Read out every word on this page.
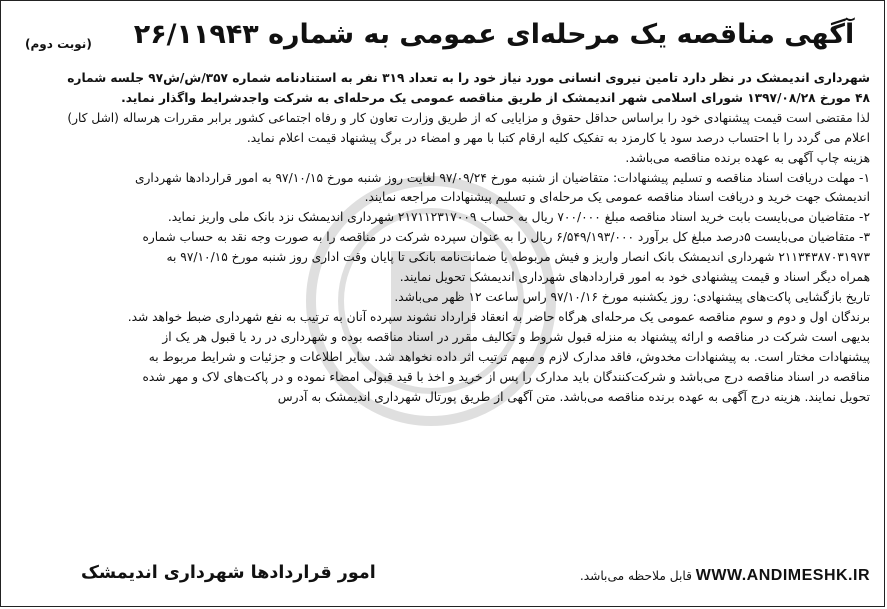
آگهی مناقصه یک مرحله‌ای عمومی به شماره ۲۶/۱۱۹۴۳
(نوبت دوم)

شهرداری اندیمشک در نظر دارد تامین نیروی انسانی مورد نیاز خود را به تعداد ۳۱۹ نفر به استنادنامه شماره ۳۵۷/ش/ش۹۷ جلسه شماره

۴۸ مورخ ۱۳۹۷/۰۸/۲۸ شورای اسلامی شهر اندیمشک از طریق مناقصه عمومی یک مرحله‌ای به شرکت واجدشرایط واگذار نماید.

لذا مقتضی است قیمت پیشنهادی خود را براساس حداقل حقوق و مزایایی که از طریق وزارت تعاون کار و رفاه اجتماعی کشور برابر مقررات هرساله (اشل کار)

اعلام می گردد را با احتساب درصد سود یا کارمزد به تفکیک کلیه ارقام کتبا با مهر و امضاء در برگ پیشنهاد قیمت اعلام نماید.

هزینه چاپ آگهی به عهده برنده مناقصه می‌باشد.

۱- مهلت دریافت اسناد مناقصه و تسلیم پیشنهادات: متقاضیان از شنبه مورخ ۹۷/۰۹/۲۴ لغایت روز شنبه مورخ ۹۷/۱۰/۱۵ به امور قراردادها شهرداری

اندیمشک جهت خرید و دریافت اسناد مناقصه عمومی یک مرحله‌ای و تسلیم پیشنهادات مراجعه نمایند.

۲- متقاضیان می‌بایست بابت خرید اسناد مناقصه مبلغ ۷۰۰/۰۰۰ ریال به حساب ۲۱۷۱۱۲۳۱۷۰۰۹ شهرداری اندیمشک نزد بانک ملی واریز نماید.

۳- متقاضیان می‌بایست ۵درصد مبلغ کل برآورد ۶/۵۴۹/۱۹۳/۰۰۰ ریال را به عنوان سپرده شرکت در مناقصه را به صورت وجه نقد به حساب شماره

۲۱۱۳۴۳۸۷۰۳۱۹۷۳ شهرداری اندیمشک بانک انصار واریز و فیش مربوطه یا ضمانت‌نامه بانکی تا پایان وقت اداری روز شنبه مورخ ۹۷/۱۰/۱۵ به

همراه دیگر اسناد و قیمت پیشنهادی خود به امور قراردادهای شهرداری اندیمشک تحویل نمایند.

تاریخ بازگشایی پاکت‌های پیشنهادی: روز یکشنبه مورخ ۹۷/۱۰/۱۶ راس ساعت ۱۲ ظهر می‌باشد.

برندگان اول و دوم و سوم مناقصه عمومی یک مرحله‌ای هرگاه حاضر به انعقاد قرارداد نشوند سپرده آنان به ترتیب به نفع شهرداری ضبط خواهد شد.

بدیهی است شرکت در مناقصه و ارائه پیشنهاد به منزله قبول شروط و تکالیف مقرر در اسناد مناقصه بوده و شهرداری در رد یا قبول هر یک از

پیشنهادات مختار است. به پیشنهادات مخدوش، فاقد مدارک لازم و مبهم ترتیب اثر داده نخواهد شد. سایر اطلاعات و جزئیات و شرایط مربوط به

مناقصه در اسناد مناقصه درج می‌باشد و شرکت‌کنندگان باید مدارک را پس از خرید و اخذ با قید قبولی امضاء نموده و در پاکت‌های لاک و مهر شده

تحویل نمایند. هزینه درج آگهی به عهده برنده مناقصه می‌باشد. متن آگهی از طریق پورتال شهرداری اندیمشک به آدرس

WWW.ANDIMESHK.IR قابل ملاحظه می‌باشد.
امور قراردادها شهرداری اندیمشک
